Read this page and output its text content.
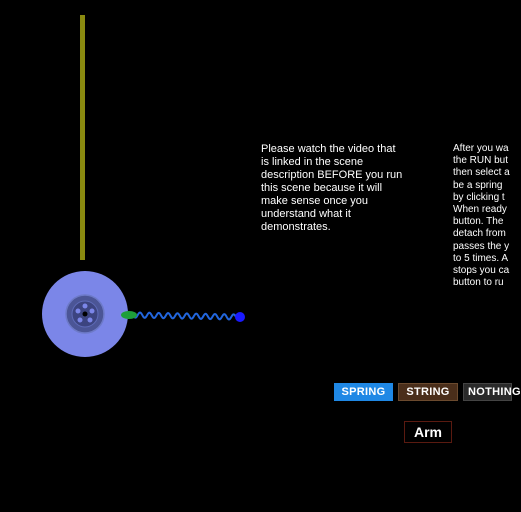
Please watch the video that
is linked in the scene
description BEFORE you run
this scene because it will
make sense once you
understand what it
demonstrates.
After you wa
the RUN but
then select a
be a spring
by clicking t
When ready
button. The
detach from
passes the y
to 5 times. A
stops you ca
button to ru
SPRING	STRING	NOTHING
Arm
